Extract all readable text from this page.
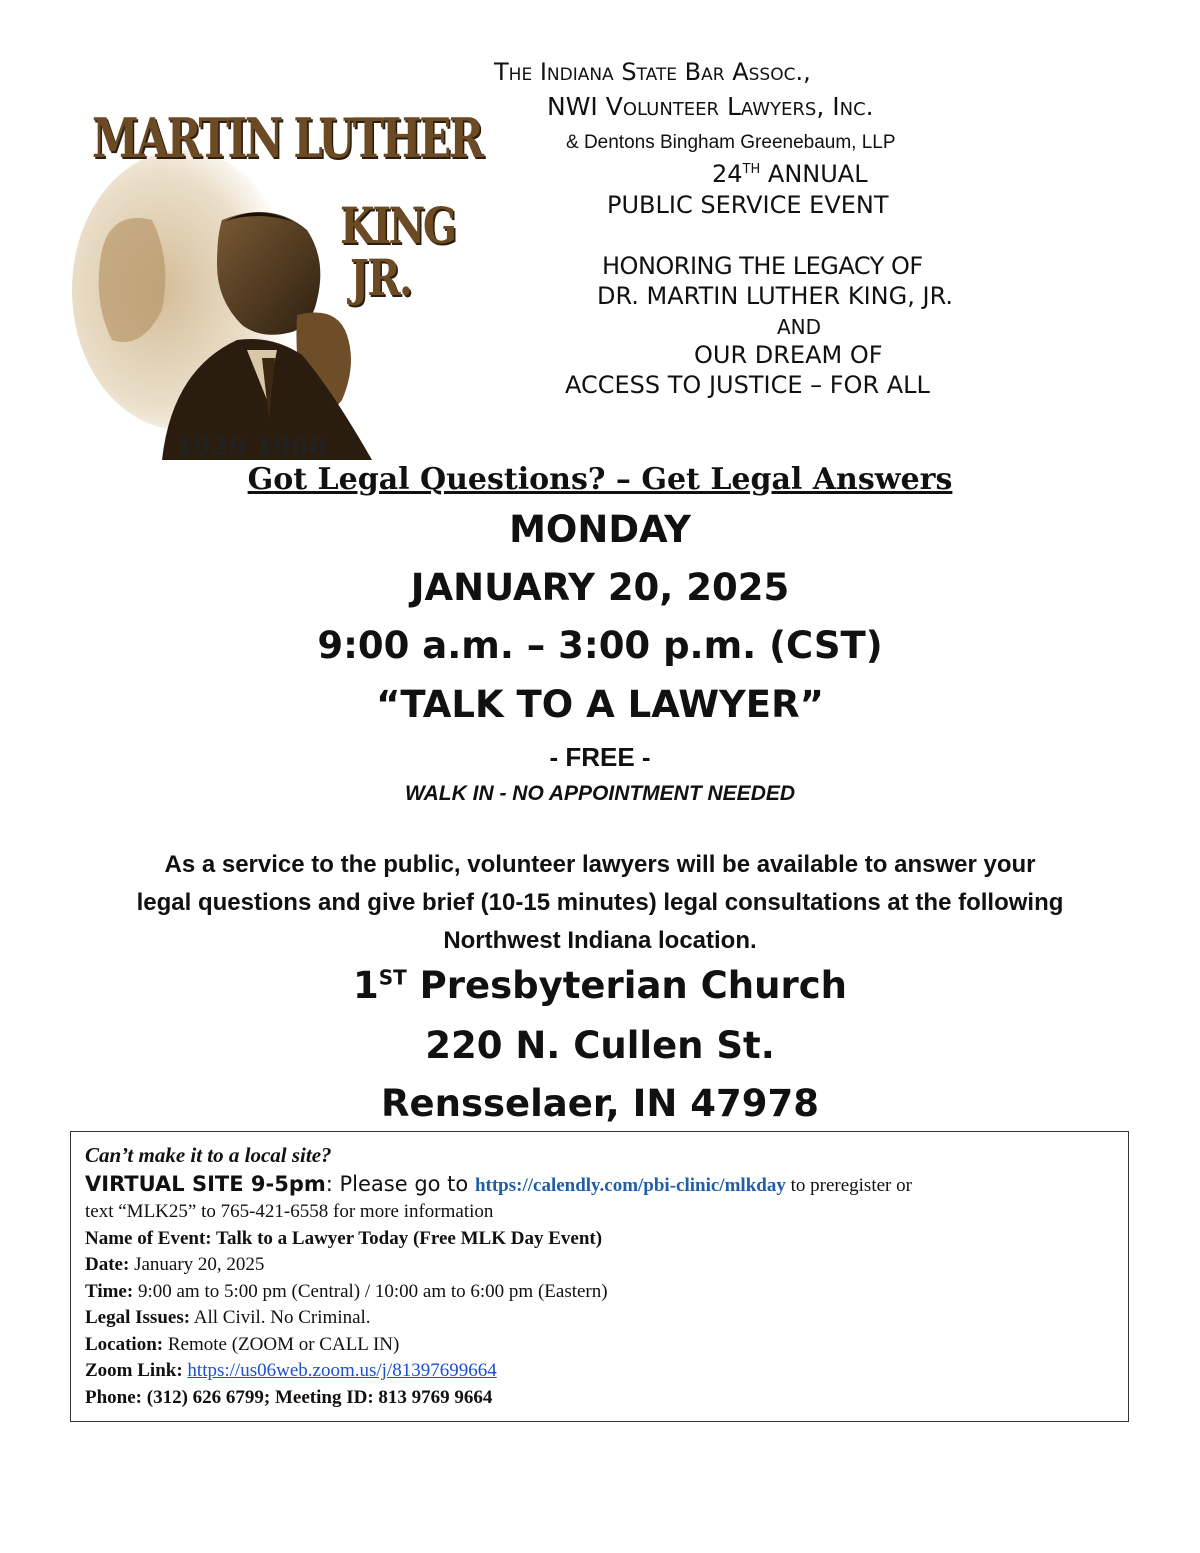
MARTIN LUTHER
KING
JR.
1929 1968
The Indiana State Bar Assoc.,
NWI Volunteer Lawyers, Inc.
& Dentons Bingham Greenebaum, LLP
24TH ANNUAL
PUBLIC SERVICE EVENT
HONORING THE LEGACY OF
DR. MARTIN LUTHER KING, JR.
AND
OUR DREAM OF
ACCESS TO JUSTICE – FOR ALL
Got Legal Questions? – Get Legal Answers
MONDAY
JANUARY 20, 2025
9:00 a.m. – 3:00 p.m. (CST)
“TALK TO A LAWYER”
- FREE -
WALK IN - NO APPOINTMENT NEEDED
As a service to the public, volunteer lawyers will be available to answer your
legal questions and give brief (10-15 minutes) legal consultations at the following
Northwest Indiana location.
1ST Presbyterian Church
220 N. Cullen St.
Rensselaer, IN 47978
Can’t make it to a local site?
VIRTUAL SITE 9-5pm: Please go to https://calendly.com/pbi-clinic/mlkday to preregister or
text “MLK25” to 765-421-6558 for more information
Name of Event: Talk to a Lawyer Today (Free MLK Day Event)
Date: January 20, 2025
Time: 9:00 am to 5:00 pm (Central) / 10:00 am to 6:00 pm (Eastern)
Legal Issues: All Civil. No Criminal.
Location: Remote (ZOOM or CALL IN)
Zoom Link: https://us06web.zoom.us/j/81397699664
Phone: (312) 626 6799; Meeting ID: 813 9769 9664
